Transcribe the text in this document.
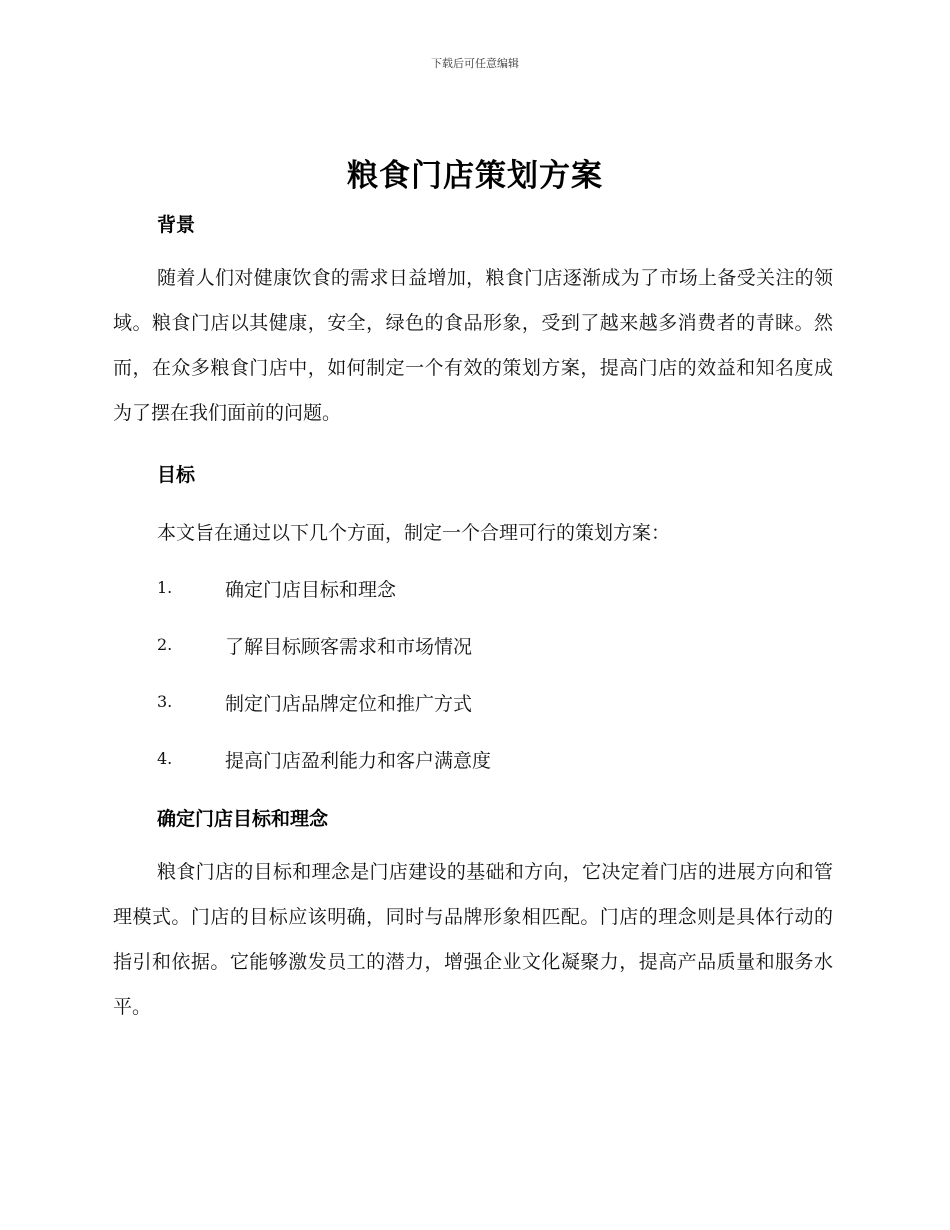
下载后可任意编辑
粮食门店策划方案
背景
随着人们对健康饮食的需求日益增加，粮食门店逐渐成为了市场上备受关注的领域。粮食门店以其健康，安全，绿色的食品形象，受到了越来越多消费者的青睐。然而，在众多粮食门店中，如何制定一个有效的策划方案，提高门店的效益和知名度成为了摆在我们面前的问题。
目标
本文旨在通过以下几个方面，制定一个合理可行的策划方案：
1.	确定门店目标和理念
2.	了解目标顾客需求和市场情况
3.	制定门店品牌定位和推广方式
4.	提高门店盈利能力和客户满意度
确定门店目标和理念
粮食门店的目标和理念是门店建设的基础和方向，它决定着门店的进展方向和管理模式。门店的目标应该明确，同时与品牌形象相匹配。门店的理念则是具体行动的指引和依据。它能够激发员工的潜力，增强企业文化凝聚力，提高产品质量和服务水平。
